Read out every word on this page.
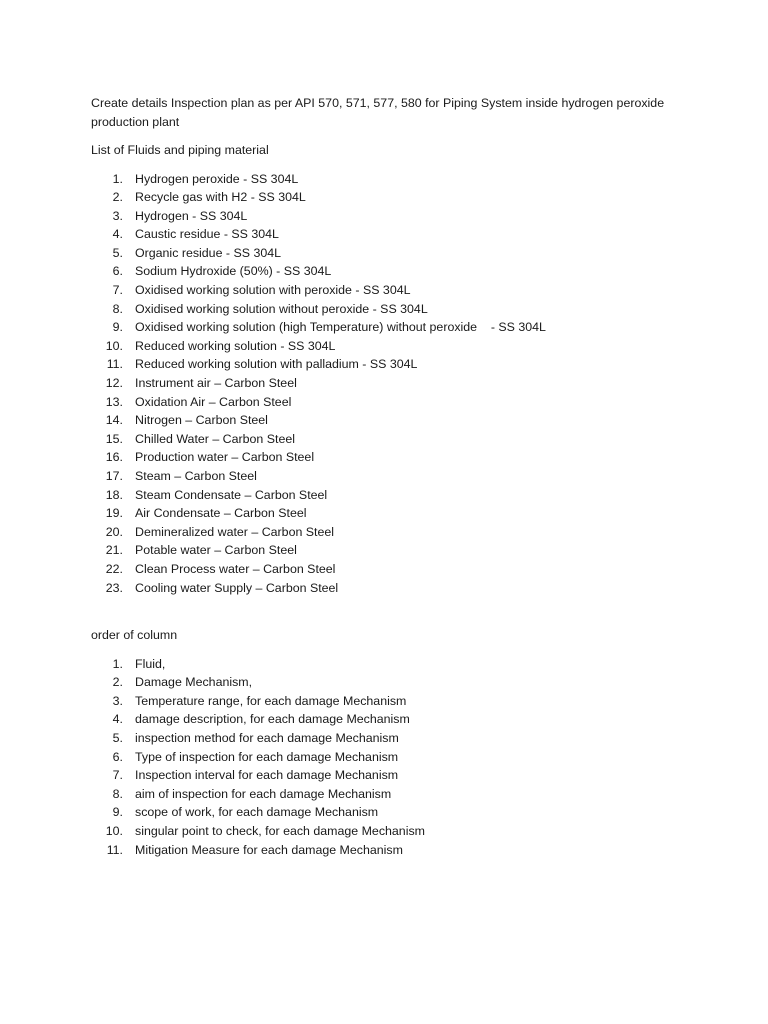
Create details Inspection plan as per API 570, 571, 577, 580 for Piping System inside hydrogen peroxide production plant

List of Fluids and piping material

1. Hydrogen peroxide - SS 304L
2. Recycle gas with H2 - SS 304L
3. Hydrogen - SS 304L
4. Caustic residue - SS 304L
5. Organic residue - SS 304L
6. Sodium Hydroxide (50%) - SS 304L
7. Oxidised working solution with peroxide - SS 304L
8. Oxidised working solution without peroxide - SS 304L
9. Oxidised working solution (high Temperature) without peroxide    - SS 304L
10. Reduced working solution - SS 304L
11. Reduced working solution with palladium - SS 304L
12. Instrument air – Carbon Steel
13. Oxidation Air – Carbon Steel
14. Nitrogen – Carbon Steel
15. Chilled Water – Carbon Steel
16. Production water – Carbon Steel
17. Steam – Carbon Steel
18. Steam Condensate – Carbon Steel
19. Air Condensate – Carbon Steel
20. Demineralized water – Carbon Steel
21. Potable water – Carbon Steel
22. Clean Process water – Carbon Steel
23. Cooling water Supply – Carbon Steel

order of column

1. Fluid,
2. Damage Mechanism,
3. Temperature range, for each damage Mechanism
4. damage description, for each damage Mechanism
5. inspection method for each damage Mechanism
6. Type of inspection for each damage Mechanism
7. Inspection interval for each damage Mechanism
8. aim of inspection for each damage Mechanism
9. scope of work, for each damage Mechanism
10. singular point to check, for each damage Mechanism
11. Mitigation Measure for each damage Mechanism
